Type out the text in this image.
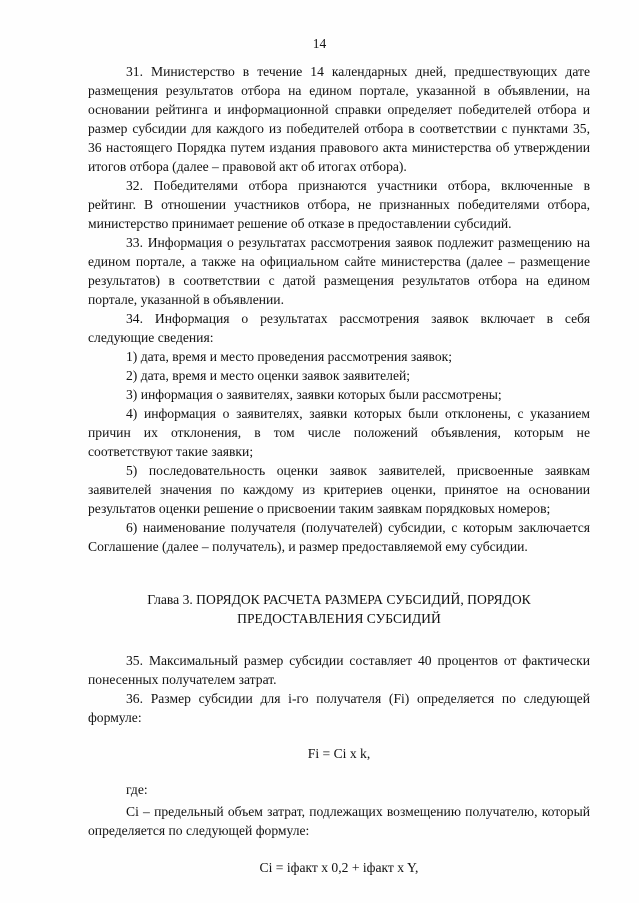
14

31. Министерство в течение 14 календарных дней, предшествующих дате размещения результатов отбора на едином портале, указанной в объявлении, на основании рейтинга и информационной справки определяет победителей отбора и размер субсидии для каждого из победителей отбора в соответствии с пунктами 35, 36 настоящего Порядка путем издания правового акта министерства об утверждении итогов отбора (далее – правовой акт об итогах отбора).

32. Победителями отбора признаются участники отбора, включенные в рейтинг. В отношении участников отбора, не признанных победителями отбора, министерство принимает решение об отказе в предоставлении субсидий.

33. Информация о результатах рассмотрения заявок подлежит размещению на едином портале, а также на официальном сайте министерства (далее – размещение результатов) в соответствии с датой размещения результатов отбора на едином портале, указанной в объявлении.

34. Информация о результатах рассмотрения заявок включает в себя следующие сведения:

1) дата, время и место проведения рассмотрения заявок;

2) дата, время и место оценки заявок заявителей;

3) информация о заявителях, заявки которых были рассмотрены;

4) информация о заявителях, заявки которых были отклонены, с указанием причин их отклонения, в том числе положений объявления, которым не соответствуют такие заявки;

5) последовательность оценки заявок заявителей, присвоенные заявкам заявителей значения по каждому из критериев оценки, принятое на основании результатов оценки решение о присвоении таким заявкам порядковых номеров;

6) наименование получателя (получателей) субсидии, с которым заключается Соглашение (далее – получатель), и размер предоставляемой ему субсидии.

Глава 3. ПОРЯДОК РАСЧЕТА РАЗМЕРА СУБСИДИЙ, ПОРЯДОК
ПРЕДОСТАВЛЕНИЯ СУБСИДИЙ

35. Максимальный размер субсидии составляет 40 процентов от фактически понесенных получателем затрат.

36. Размер субсидии для i-го получателя (Fi) определяется по следующей формуле:

Fi = Ci x k,

где:

Ci – предельный объем затрат, подлежащих возмещению получателю, который определяется по следующей формуле:

Ci = iфакт x 0,2 + iфакт x Y,
